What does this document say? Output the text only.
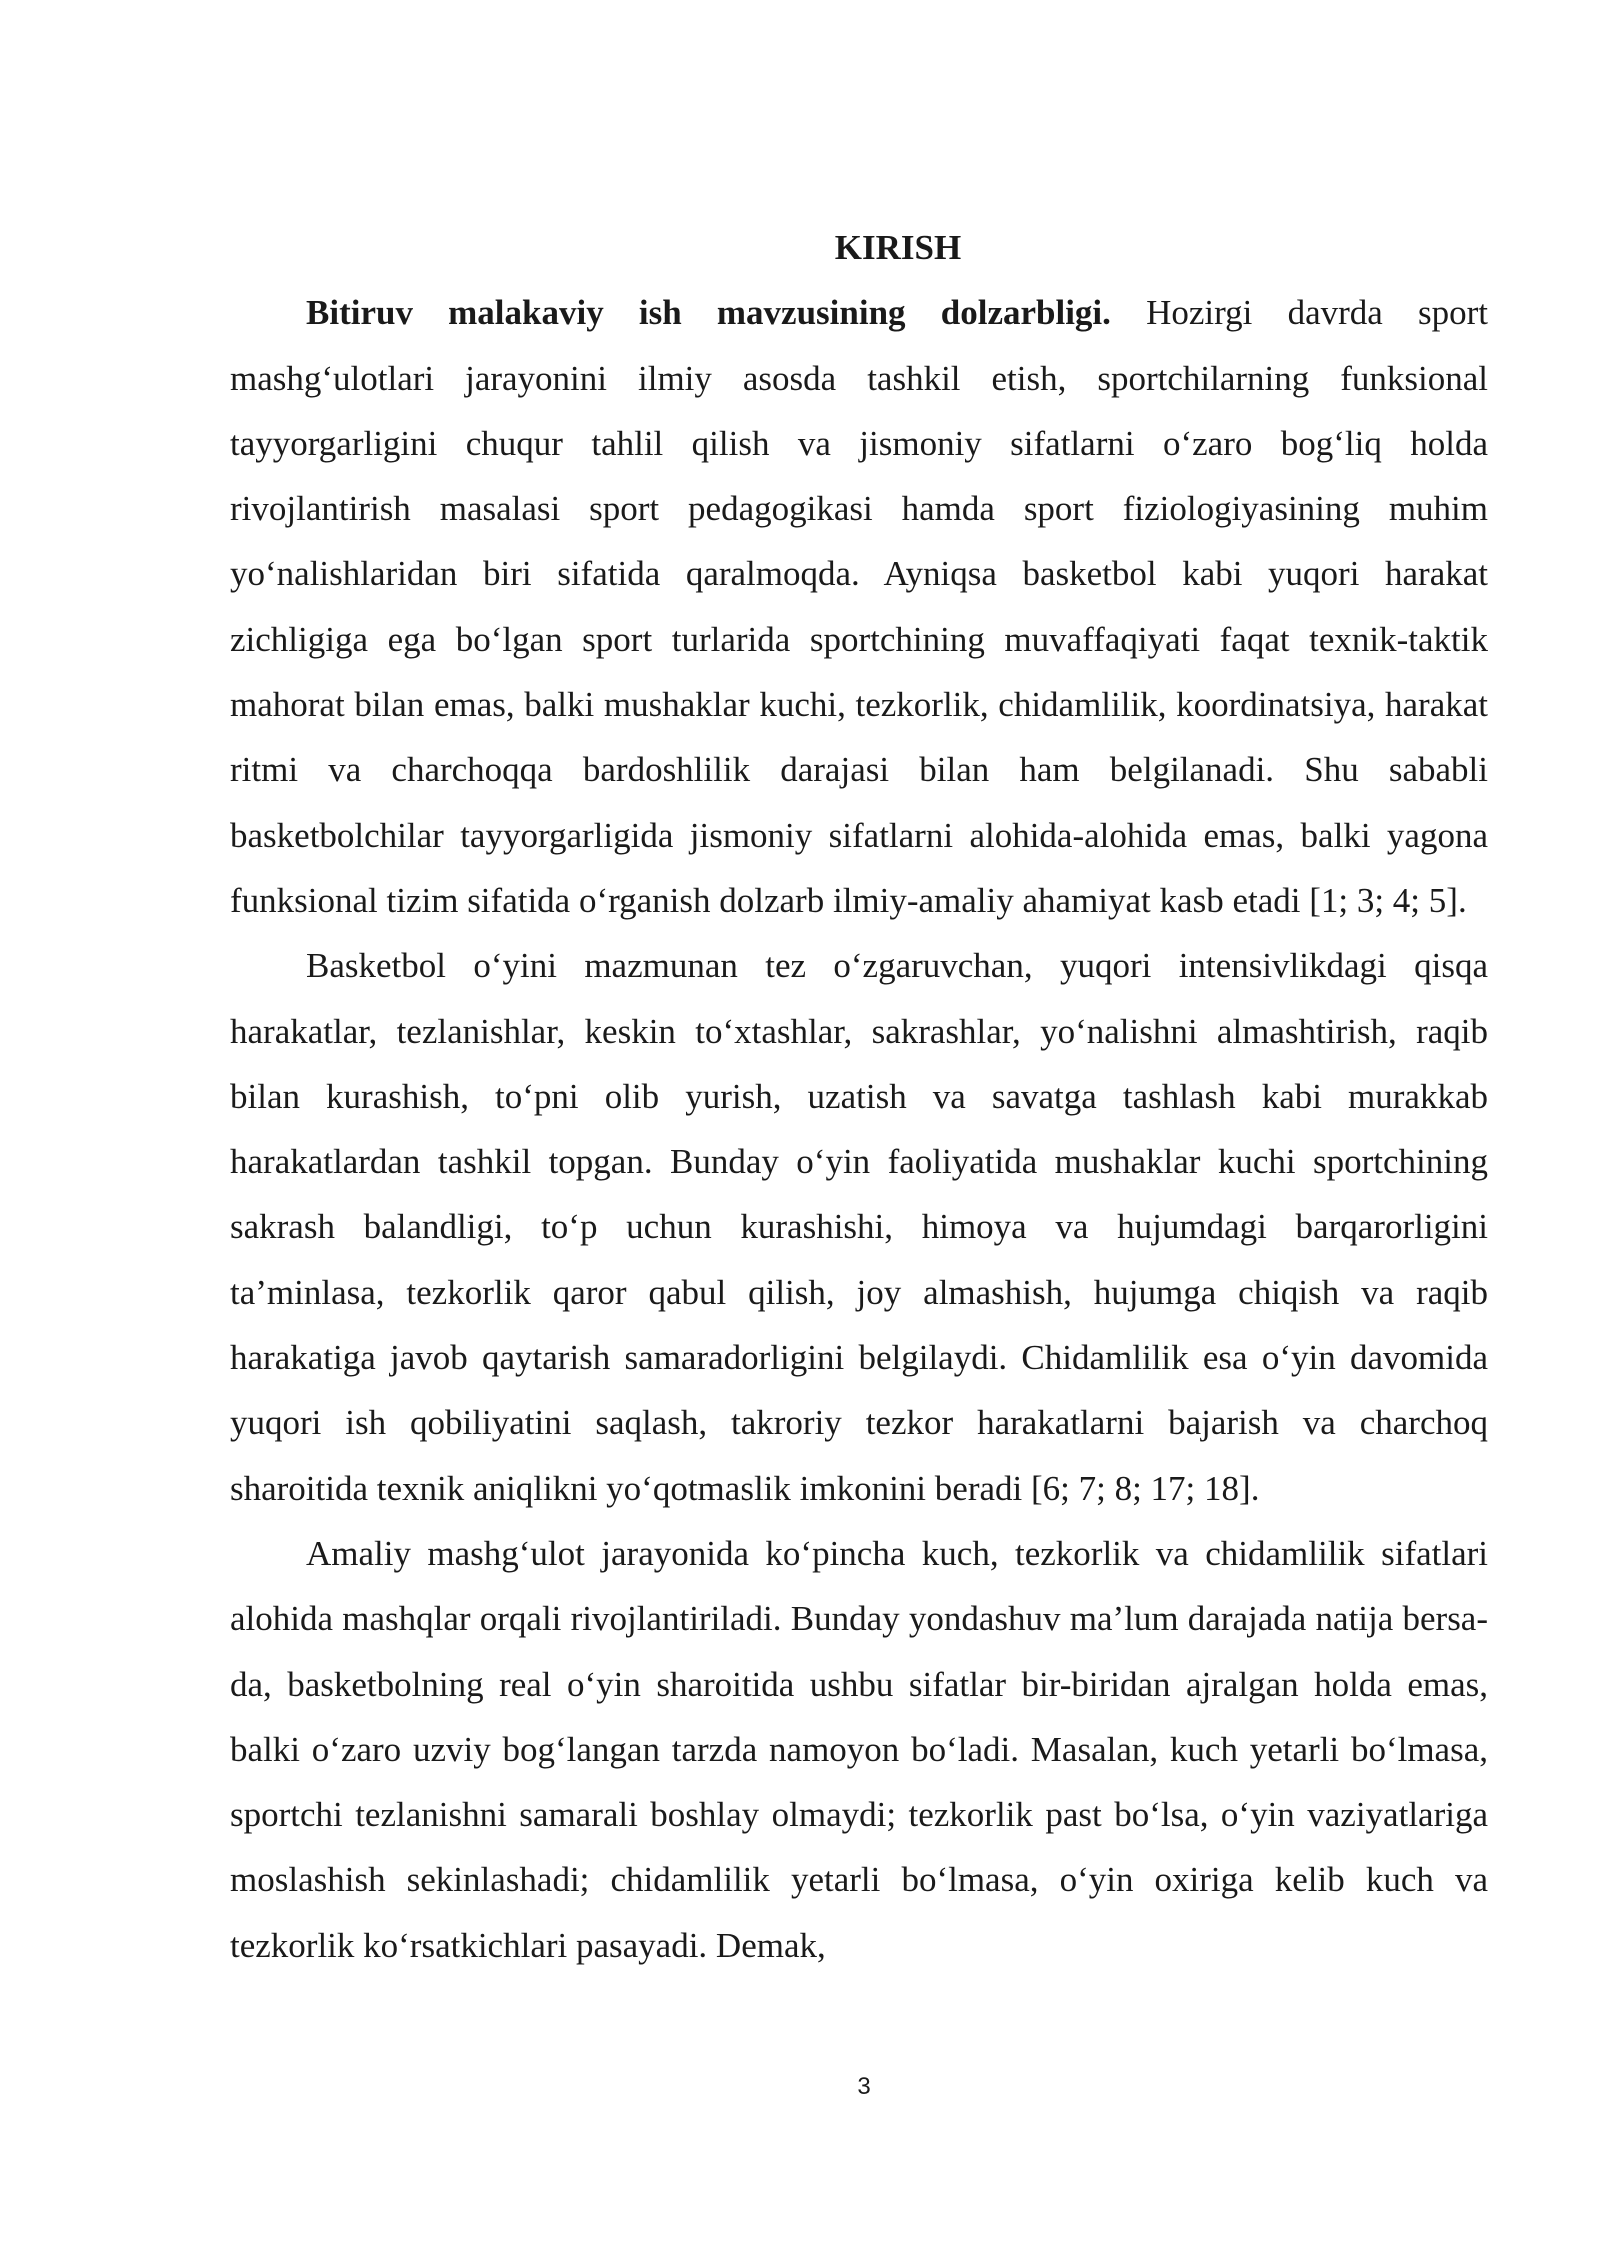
KIRISH

Bitiruv malakaviy ish mavzusining dolzarbligi. Hozirgi davrda sport mashg‘ulotlari jarayonini ilmiy asosda tashkil etish, sportchilarning funksional tayyorgarligini chuqur tahlil qilish va jismoniy sifatlarni o‘zaro bog‘liq holda rivojlantirish masalasi sport pedagogikasi hamda sport fiziologiyasining muhim yo‘nalishlaridan biri sifatida qaralmoqda. Ayniqsa basketbol kabi yuqori harakat zichligiga ega bo‘lgan sport turlarida sportchining muvaffaqiyati faqat texnik-taktik mahorat bilan emas, balki mushaklar kuchi, tezkorlik, chidamlilik, koordinatsiya, harakat ritmi va charchoqqa bardoshlilik darajasi bilan ham belgilanadi. Shu sababli basketbolchilar tayyorgarligida jismoniy sifatlarni alohida-alohida emas, balki yagona funksional tizim sifatida o‘rganish dolzarb ilmiy-amaliy ahamiyat kasb etadi [1; 3; 4; 5].

Basketbol o‘yini mazmunan tez o‘zgaruvchan, yuqori intensivlikdagi qisqa harakatlar, tezlanishlar, keskin to‘xtashlar, sakrashlar, yo‘nalishni almashtirish, raqib bilan kurashish, to‘pni olib yurish, uzatish va savatga tashlash kabi murakkab harakatlardan tashkil topgan. Bunday o‘yin faoliyatida mushaklar kuchi sportchining sakrash balandligi, to‘p uchun kurashishi, himoya va hujumdagi barqarorligini ta’minlasa, tezkorlik qaror qabul qilish, joy almashish, hujumga chiqish va raqib harakatiga javob qaytarish samaradorligini belgilaydi. Chidamlilik esa o‘yin davomida yuqori ish qobiliyatini saqlash, takroriy tezkor harakatlarni bajarish va charchoq sharoitida texnik aniqlikni yo‘qotmaslik imkonini beradi [6; 7; 8; 17; 18].

Amaliy mashg‘ulot jarayonida ko‘pincha kuch, tezkorlik va chidamlilik sifatlari alohida mashqlar orqali rivojlantiriladi. Bunday yondashuv ma’lum darajada natija bersa-da, basketbolning real o‘yin sharoitida ushbu sifatlar bir-biridan ajralgan holda emas, balki o‘zaro uzviy bog‘langan tarzda namoyon bo‘ladi. Masalan, kuch yetarli bo‘lmasa, sportchi tezlanishni samarali boshlay olmaydi; tezkorlik past bo‘lsa, o‘yin vaziyatlariga moslashish sekinlashadi; chidamlilik yetarli bo‘lmasa, o‘yin oxiriga kelib kuch va tezkorlik ko‘rsatkichlari pasayadi. Demak,

3
